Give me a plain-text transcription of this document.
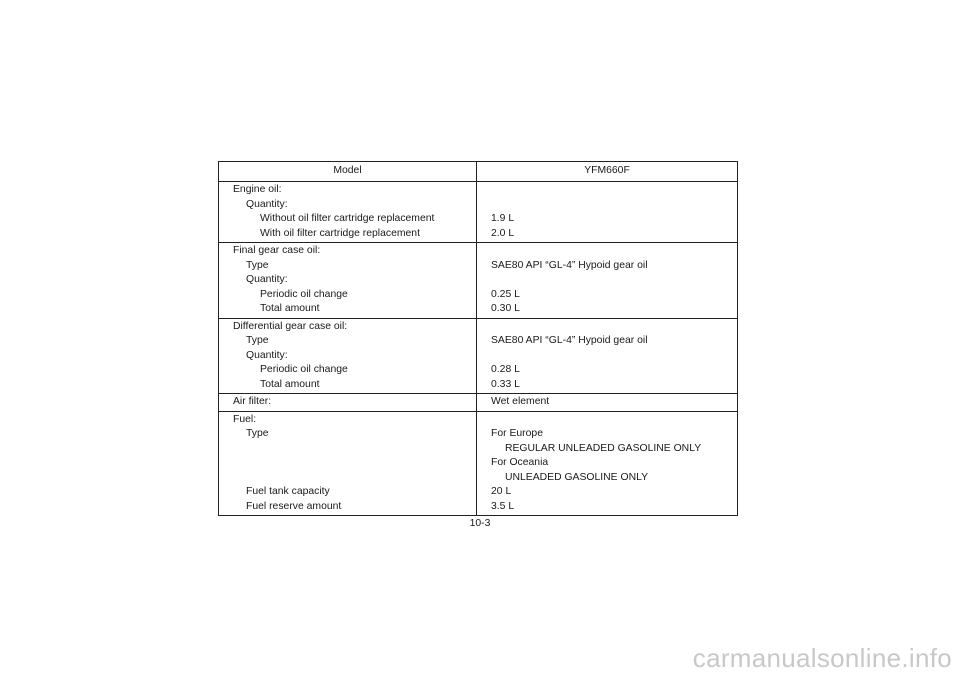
Model	YFM660F
Engine oil:
Quantity:
Without oil filter cartridge replacement
With oil filter cartridge replacement
1.9 L
2.0 L
Final gear case oil:
Type
Quantity:
Periodic oil change
Total amount
SAE80 API “GL-4” Hypoid gear oil
0.25 L
0.30 L
Differential gear case oil:
Type
Quantity:
Periodic oil change
Total amount
SAE80 API “GL-4” Hypoid gear oil
0.28 L
0.33 L
Air filter:	Wet element
Fuel:
Type
Fuel tank capacity
Fuel reserve amount
For Europe
REGULAR UNLEADED GASOLINE ONLY
For Oceania
UNLEADED GASOLINE ONLY
20 L
3.5 L
10-3
carmanualsonline.info
